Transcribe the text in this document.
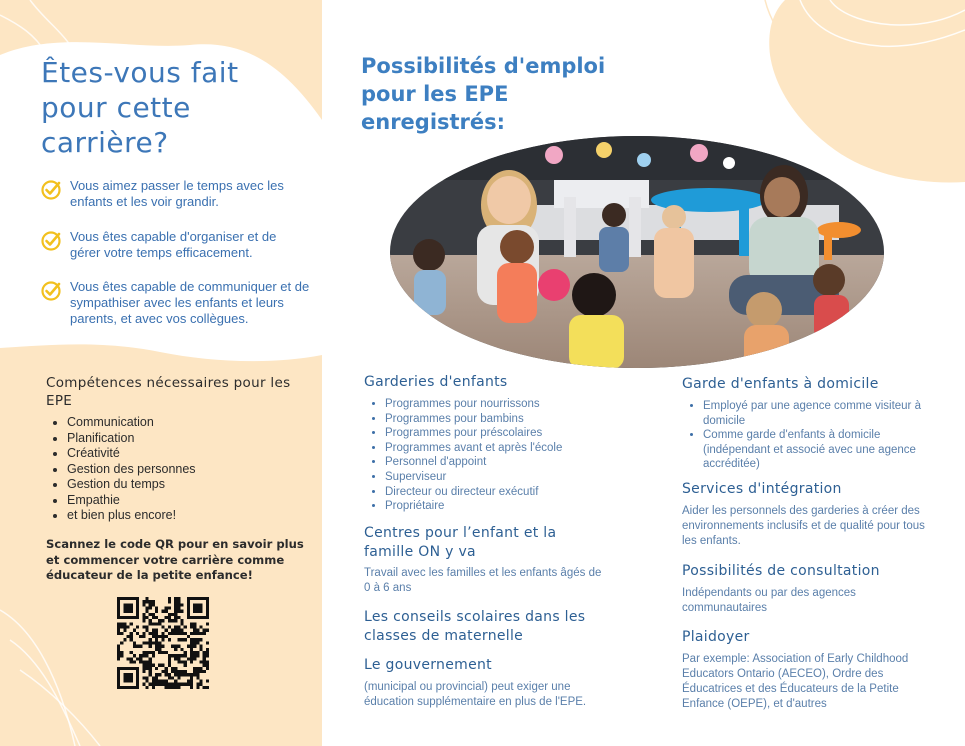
Êtes-vous fait pour cette carrière?
Vous aimez passer le temps avec les enfants et les voir grandir.
Vous êtes capable d'organiser et de gérer votre temps efficacement.
Vous êtes capable de communiquer et de sympathiser avec les enfants et leurs parents, et avec vos collègues.
Compétences nécessaires pour les EPE
• Communication
• Planification
• Créativité
• Gestion des personnes
• Gestion du temps
• Empathie
• et bien plus encore!
Scannez le code QR pour en savoir plus et commencer votre carrière comme éducateur de la petite enfance!
Possibilités d'emploi pour les EPE enregistrés:
Garderies d'enfants
• Programmes pour nourrissons
• Programmes pour bambins
• Programmes pour préscolaires
• Programmes avant et après l'école
• Personnel d'appoint
• Superviseur
• Directeur ou directeur exécutif
• Propriétaire
Centres pour l’enfant et la famille ON y va
Travail avec les familles et les enfants âgés de 0 à 6 ans
Les conseils scolaires dans les classes de maternelle
Le gouvernement
(municipal ou provincial) peut exiger une éducation supplémentaire en plus de l'EPE.
Garde d'enfants à domicile
• Employé par une agence comme visiteur à domicile
• Comme garde d'enfants à domicile (indépendant et associé avec une agence accréditée)
Services d'intégration
Aider les personnels des garderies à créer des environnements inclusifs et de qualité pour tous les enfants.
Possibilités de consultation
Indépendants ou par des agences communautaires
Plaidoyer
Par exemple: Association of Early Childhood Educators Ontario (AECEO), Ordre des Éducatrices et des Éducateurs de la Petite Enfance (OEPE), et d'autres
